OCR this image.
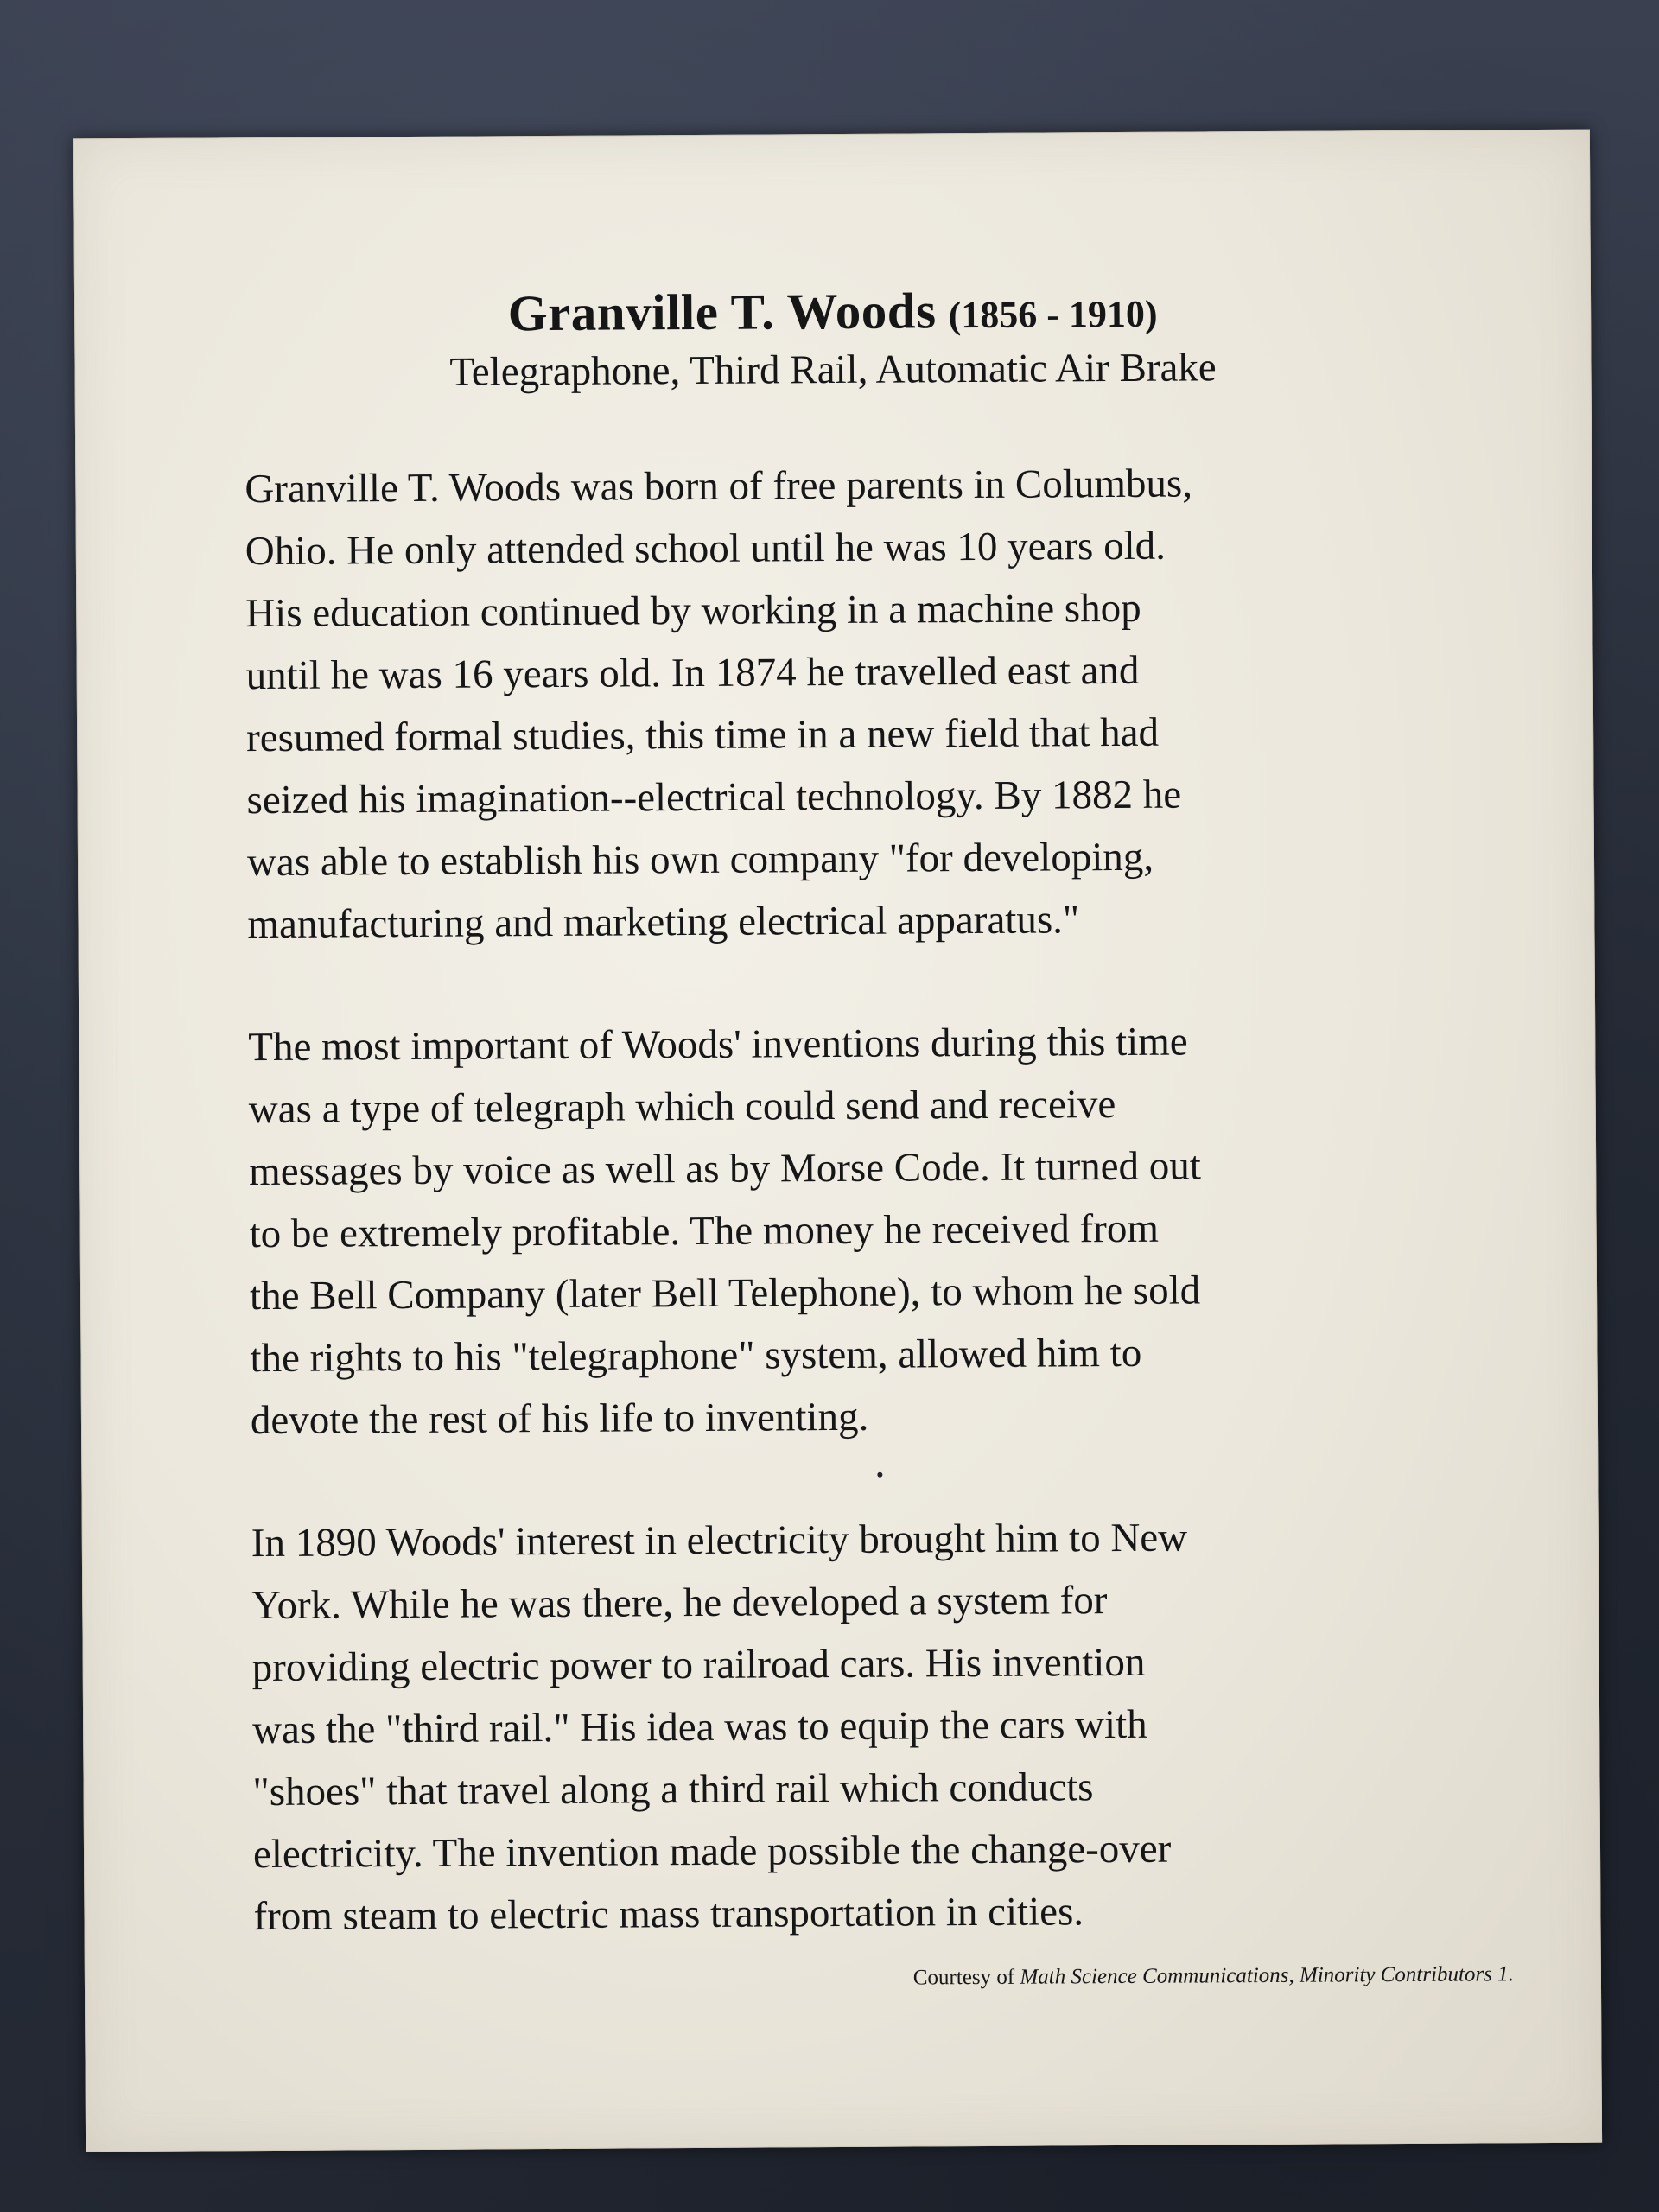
Granville T. Woods (1856 - 1910)
Telegraphone, Third Rail, Automatic Air Brake
Granville T. Woods was born of free parents in Columbus,
Ohio. He only attended school until he was 10 years old.
His education continued by working in a machine shop
until he was 16 years old. In 1874 he travelled east and
resumed formal studies, this time in a new field that had
seized his imagination--electrical technology. By 1882 he
was able to establish his own company "for developing,
manufacturing and marketing electrical apparatus."
The most important of Woods' inventions during this time
was a type of telegraph which could send and receive
messages by voice as well as by Morse Code. It turned out
to be extremely profitable. The money he received from
the Bell Company (later Bell Telephone), to whom he sold
the rights to his "telegraphone" system, allowed him to
devote the rest of his life to inventing.
In 1890 Woods' interest in electricity brought him to New
York. While he was there, he developed a system for
providing electric power to railroad cars. His invention
was the "third rail." His idea was to equip the cars with
"shoes" that travel along a third rail which conducts
electricity. The invention made possible the change-over
from steam to electric mass transportation in cities.
Courtesy of Math Science Communications, Minority Contributors 1.
